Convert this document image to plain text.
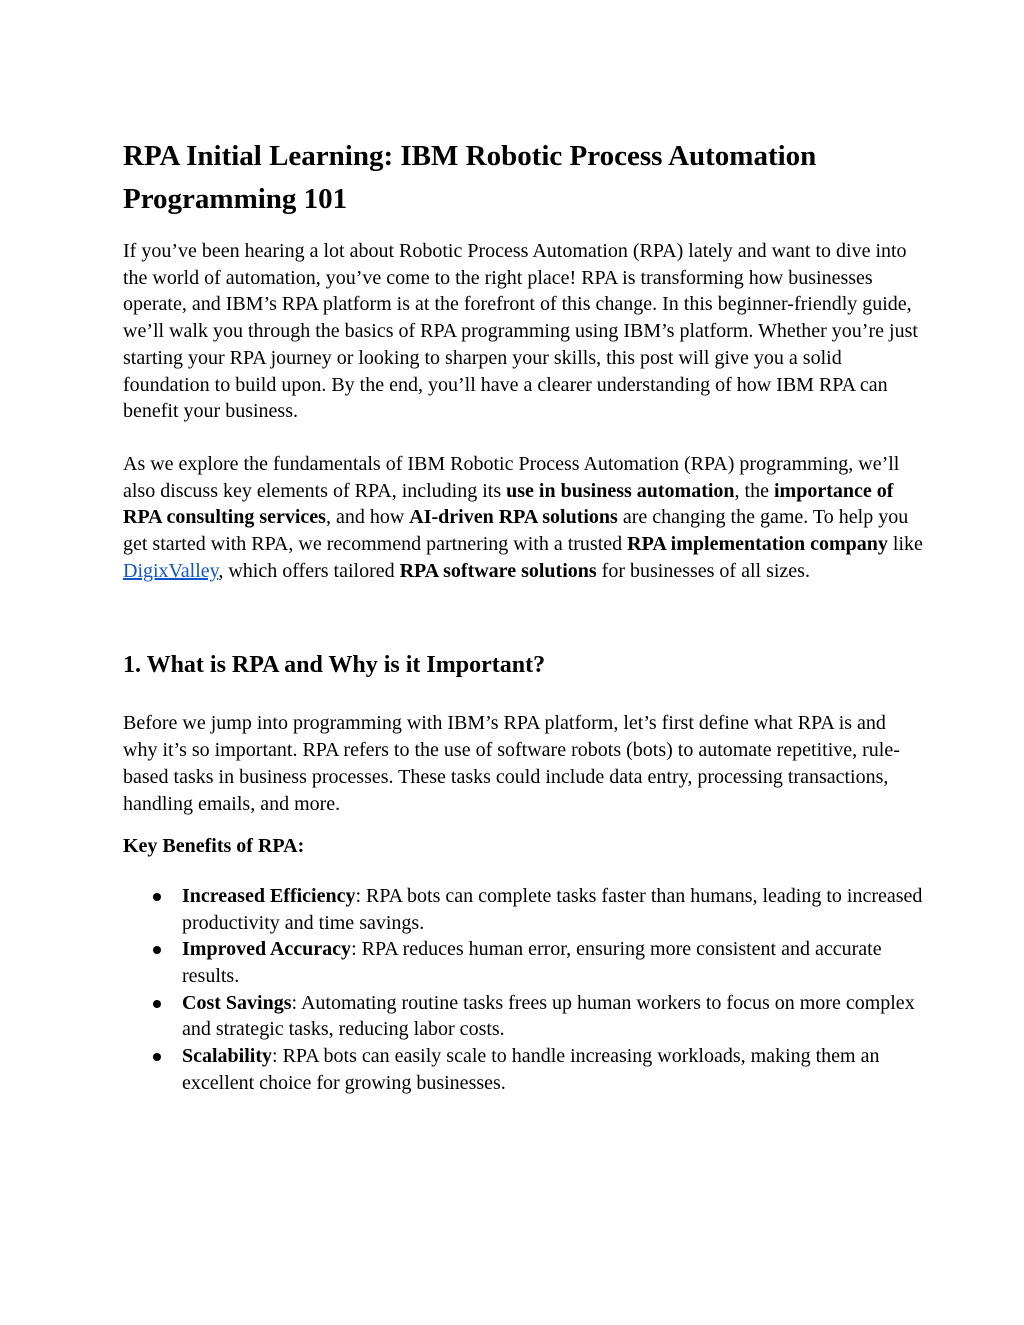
RPA Initial Learning: IBM Robotic Process Automation Programming 101

If you’ve been hearing a lot about Robotic Process Automation (RPA) lately and want to dive into the world of automation, you’ve come to the right place! RPA is transforming how businesses operate, and IBM’s RPA platform is at the forefront of this change. In this beginner-friendly guide, we’ll walk you through the basics of RPA programming using IBM’s platform. Whether you’re just starting your RPA journey or looking to sharpen your skills, this post will give you a solid foundation to build upon. By the end, you’ll have a clearer understanding of how IBM RPA can benefit your business.

As we explore the fundamentals of IBM Robotic Process Automation (RPA) programming, we’ll also discuss key elements of RPA, including its use in business automation, the importance of RPA consulting services, and how AI-driven RPA solutions are changing the game. To help you get started with RPA, we recommend partnering with a trusted RPA implementation company like DigixValley, which offers tailored RPA software solutions for businesses of all sizes.

1. What is RPA and Why is it Important?

Before we jump into programming with IBM’s RPA platform, let’s first define what RPA is and why it’s so important. RPA refers to the use of software robots (bots) to automate repetitive, rule-based tasks in business processes. These tasks could include data entry, processing transactions, handling emails, and more.

Key Benefits of RPA:

Increased Efficiency: RPA bots can complete tasks faster than humans, leading to increased productivity and time savings.
Improved Accuracy: RPA reduces human error, ensuring more consistent and accurate results.
Cost Savings: Automating routine tasks frees up human workers to focus on more complex and strategic tasks, reducing labor costs.
Scalability: RPA bots can easily scale to handle increasing workloads, making them an excellent choice for growing businesses.
